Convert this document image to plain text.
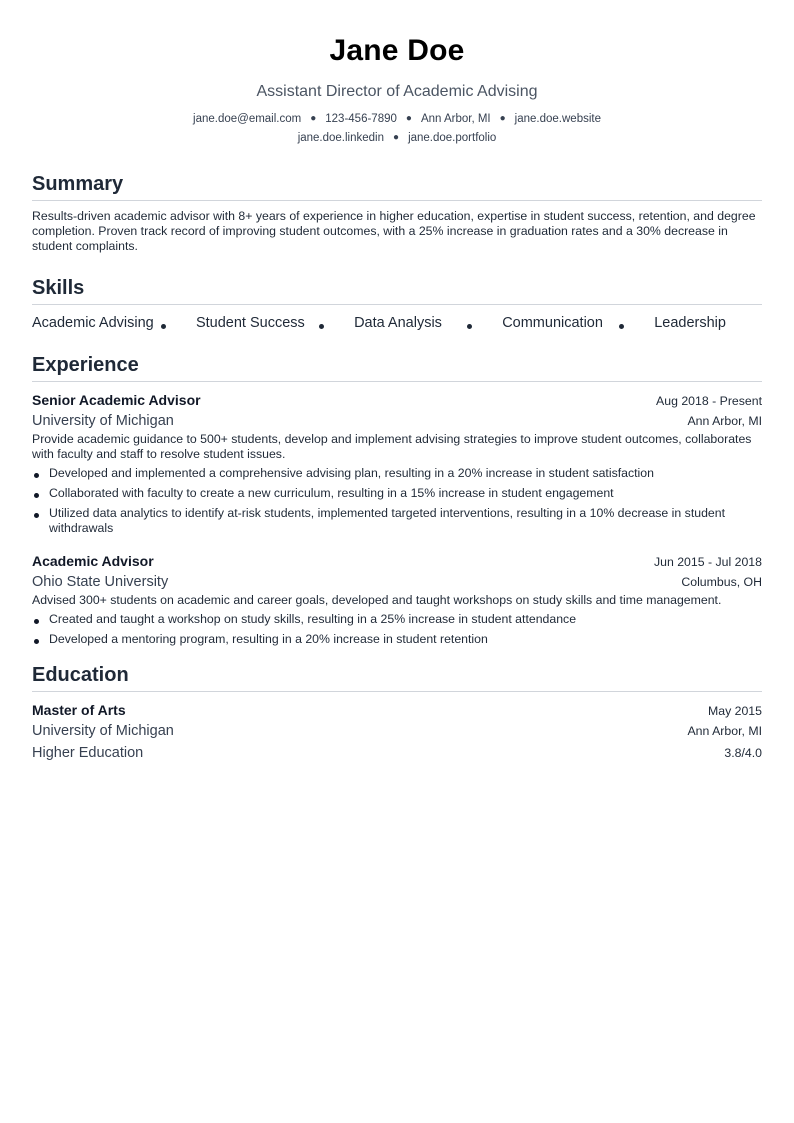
Jane Doe
Assistant Director of Academic Advising
jane.doe@email.com ● 123-456-7890 ● Ann Arbor, MI ● jane.doe.website
jane.doe.linkedin ● jane.doe.portfolio
Summary

Results-driven academic advisor with 8+ years of experience in higher education, expertise in student success, retention, and degree completion. Proven track record of improving student outcomes, with a 25% increase in graduation rates and a 30% decrease in student complaints.

Skills
Academic Advising	Student Success	Data Analysis	Communication	Leadership
Experience
Senior Academic Advisor	Aug 2018 - Present
University of Michigan	Ann Arbor, MI

Provide academic guidance to 500+ students, develop and implement advising strategies to improve student outcomes, collaborates with faculty and staff to resolve student issues.

Developed and implemented a comprehensive advising plan, resulting in a 20% increase in student satisfaction
Collaborated with faculty to create a new curriculum, resulting in a 15% increase in student engagement
Utilized data analytics to identify at-risk students, implemented targeted interventions, resulting in a 10% decrease in student withdrawals
Academic Advisor	Jun 2015 - Jul 2018
Ohio State University	Columbus, OH

Advised 300+ students on academic and career goals, developed and taught workshops on study skills and time management.

Created and taught a workshop on study skills, resulting in a 25% increase in student attendance
Developed a mentoring program, resulting in a 20% increase in student retention
Education
Master of Arts	May 2015
University of Michigan	Ann Arbor, MI
Higher Education	3.8/4.0
